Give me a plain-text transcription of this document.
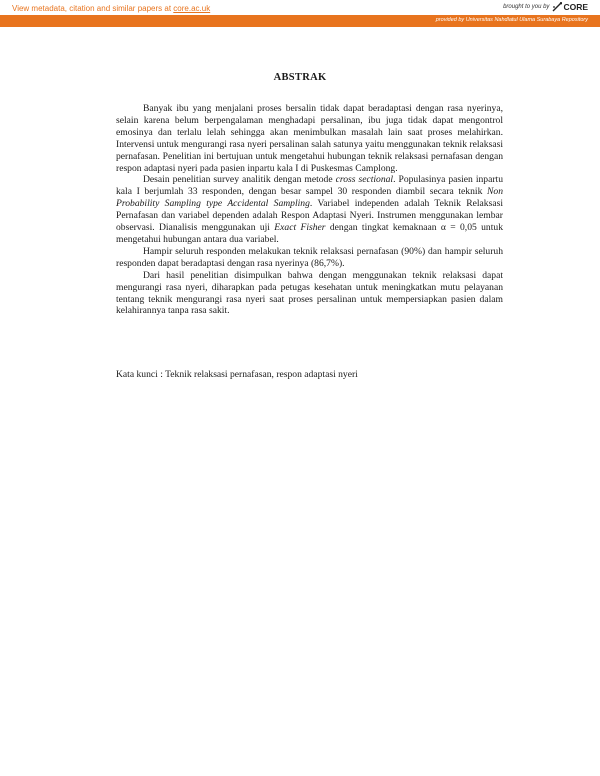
View metadata, citation and similar papers at core.ac.uk	brought to you by CORE
provided by Universitas Nahdlatul Ulama Surabaya Repository
ABSTRAK

Banyak ibu yang menjalani proses bersalin tidak dapat beradaptasi dengan rasa nyerinya, selain karena belum berpengalaman menghadapi persalinan, ibu juga tidak dapat mengontrol emosinya dan terlalu lelah sehingga akan menimbulkan masalah lain saat proses melahirkan. Intervensi untuk mengurangi rasa nyeri persalinan salah satunya yaitu menggunakan teknik relaksasi pernafasan. Penelitian ini bertujuan untuk mengetahui hubungan teknik relaksasi pernafasan dengan respon adaptasi nyeri pada pasien inpartu kala I di Puskesmas Camplong.

Desain penelitian survey analitik dengan metode cross sectional. Populasinya pasien inpartu kala I berjumlah 33 responden, dengan besar sampel 30 responden diambil secara teknik Non Probability Sampling type Accidental Sampling. Variabel independen adalah Teknik Relaksasi Pernafasan dan variabel dependen adalah Respon Adaptasi Nyeri. Instrumen menggunakan lembar observasi. Dianalisis menggunakan uji Exact Fisher dengan tingkat kemaknaan α = 0,05 untuk mengetahui hubungan antara dua variabel.

Hampir seluruh responden melakukan teknik relaksasi pernafasan (90%) dan hampir seluruh responden dapat beradaptasi dengan rasa nyerinya (86,7%).

Dari hasil penelitian disimpulkan bahwa dengan menggunakan teknik relaksasi dapat mengurangi rasa nyeri, diharapkan pada petugas kesehatan untuk meningkatkan mutu pelayanan tentang teknik mengurangi rasa nyeri saat proses persalinan untuk mempersiapkan pasien dalam kelahirannya tanpa rasa sakit.

Kata kunci : Teknik relaksasi pernafasan, respon adaptasi nyeri
